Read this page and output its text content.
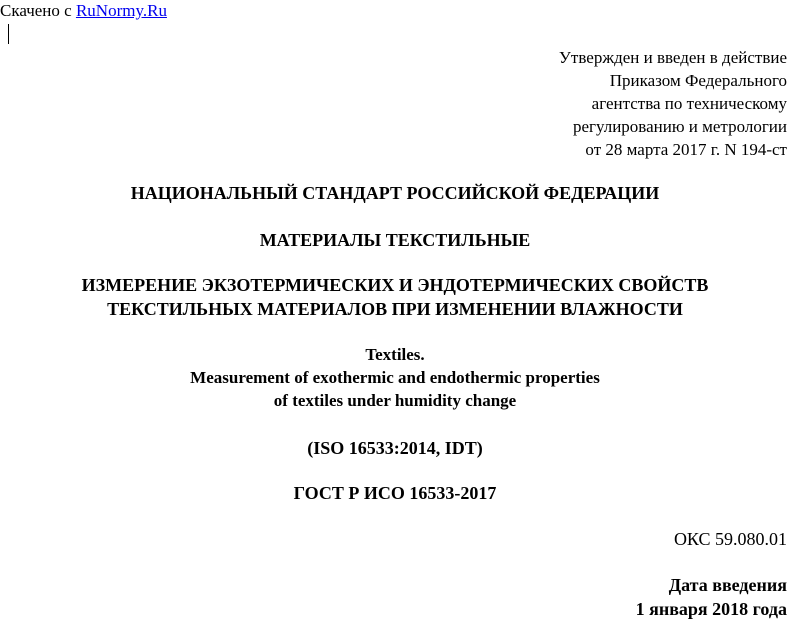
Скачено с RuNormy.Ru
Утвержден и введен в действие
Приказом Федерального
агентства по техническому
регулированию и метрологии
от 28 марта 2017 г. N 194-ст
НАЦИОНАЛЬНЫЙ СТАНДАРТ РОССИЙСКОЙ ФЕДЕРАЦИИ
МАТЕРИАЛЫ ТЕКСТИЛЬНЫЕ
ИЗМЕРЕНИЕ ЭКЗОТЕРМИЧЕСКИХ И ЭНДОТЕРМИЧЕСКИХ СВОЙСТВ
ТЕКСТИЛЬНЫХ МАТЕРИАЛОВ ПРИ ИЗМЕНЕНИИ ВЛАЖНОСТИ
Textiles.
Measurement of exothermic and endothermic properties
of textiles under humidity change
(ISO 16533:2014, IDT)
ГОСТ Р ИСО 16533-2017
ОКС 59.080.01
Дата введения
1 января 2018 года
